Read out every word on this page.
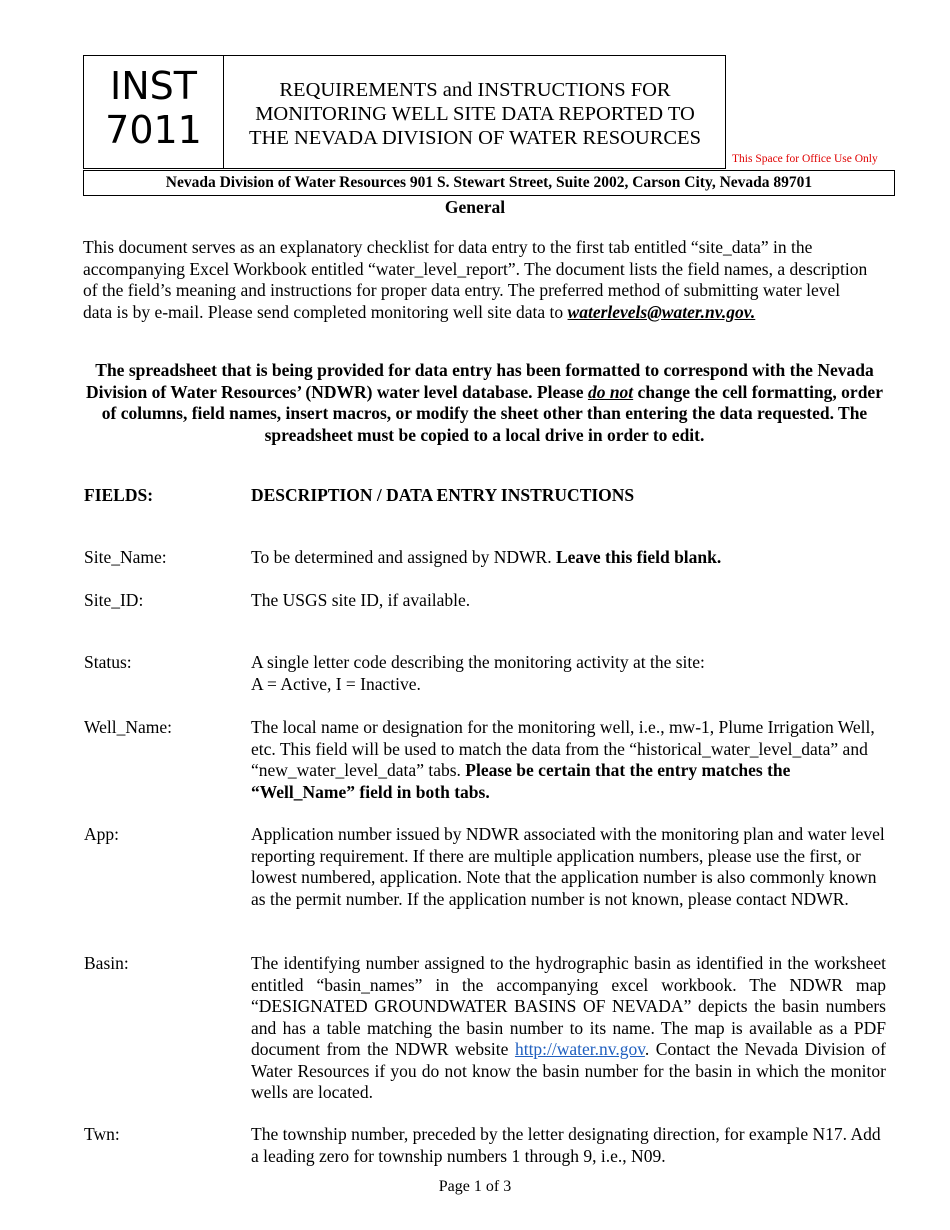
INST
7011
REQUIREMENTS and INSTRUCTIONS FOR
MONITORING WELL SITE DATA REPORTED TO
THE NEVADA DIVISION OF WATER RESOURCES
This Space for Office Use Only
Nevada Division of Water Resources 901 S. Stewart Street, Suite 2002, Carson City, Nevada 89701
General
This document serves as an explanatory checklist for data entry to the first tab entitled “site_data” in the accompanying Excel Workbook entitled “water_level_report”. The document lists the field names, a description of the field’s meaning and instructions for proper data entry. The preferred method of submitting water level data is by e-mail. Please send completed monitoring well site data to waterlevels@water.nv.gov.
The spreadsheet that is being provided for data entry has been formatted to correspond with the Nevada Division of Water Resources’ (NDWR) water level database. Please do not change the cell formatting, order of columns, field names, insert macros, or modify the sheet other than entering the data requested. The spreadsheet must be copied to a local drive in order to edit.
FIELDS:	DESCRIPTION / DATA ENTRY INSTRUCTIONS
Site_Name:	To be determined and assigned by NDWR. Leave this field blank.
Site_ID:	The USGS site ID, if available.
Status:	A single letter code describing the monitoring activity at the site:
A = Active, I = Inactive.
Well_Name:	The local name or designation for the monitoring well, i.e., mw-1, Plume Irrigation Well, etc. This field will be used to match the data from the “historical_water_level_data” and “new_water_level_data” tabs. Please be certain that the entry matches the “Well_Name” field in both tabs.
App:	Application number issued by NDWR associated with the monitoring plan and water level reporting requirement. If there are multiple application numbers, please use the first, or lowest numbered, application. Note that the application number is also commonly known as the permit number. If the application number is not known, please contact NDWR.
Basin:	The identifying number assigned to the hydrographic basin as identified in the worksheet entitled “basin_names” in the accompanying excel workbook. The NDWR map “DESIGNATED GROUNDWATER BASINS OF NEVADA” depicts the basin numbers and has a table matching the basin number to its name. The map is available as a PDF document from the NDWR website http://water.nv.gov. Contact the Nevada Division of Water Resources if you do not know the basin number for the basin in which the monitor wells are located.
Twn:	The township number, preceded by the letter designating direction, for example N17. Add a leading zero for township numbers 1 through 9, i.e., N09.
Page 1 of 3
